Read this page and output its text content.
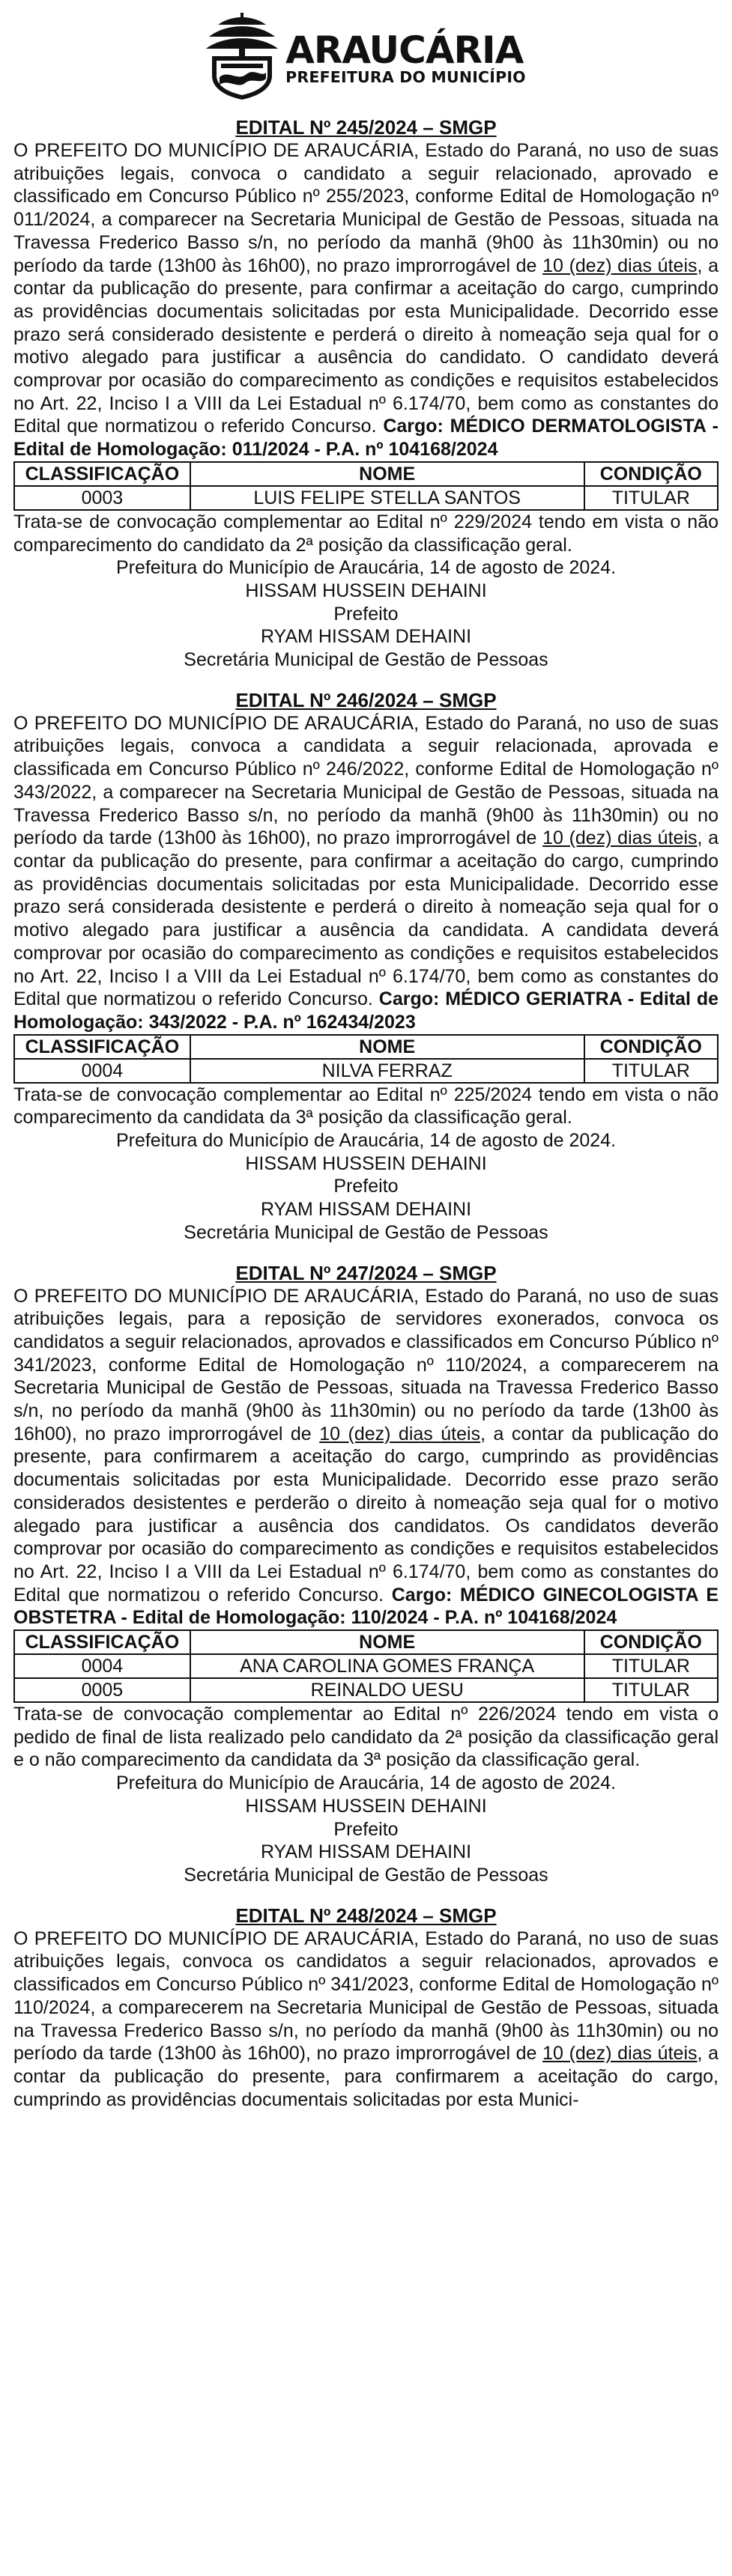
ARAUCÁRIA
PREFEITURA DO MUNICÍPIO

EDITAL Nº 245/2024 – SMGP

O PREFEITO DO MUNICÍPIO DE ARAUCÁRIA, Estado do Paraná, no uso de suas atribuições legais, convoca o candidato a seguir relacionado, aprovado e classificado em Concurso Público nº 255/2023, conforme Edital de Homologação nº 011/2024, a comparecer na Secretaria Municipal de Gestão de Pessoas, situada na Travessa Frederico Basso s/n, no período da manhã (9h00 às 11h30min) ou no período da tarde (13h00 às 16h00), no prazo improrrogável de 10 (dez) dias úteis, a contar da publicação do presente, para confirmar a aceitação do cargo, cumprindo as providências documentais solicitadas por esta Municipalidade. Decorrido esse prazo será considerado desistente e perderá o direito à nomeação seja qual for o motivo alegado para justificar a ausência do candidato. O candidato deverá comprovar por ocasião do comparecimento as condições e requisitos estabelecidos no Art. 22, Inciso I a VIII da Lei Estadual nº 6.174/70, bem como as constantes do Edital que normatizou o referido Concurso. Cargo: MÉDICO DERMATOLOGISTA - Edital de Homologação: 011/2024 - P.A. nº 104168/2024

CLASSIFICAÇÃO	NOME	CONDIÇÃO
0003	LUIS FELIPE STELLA SANTOS	TITULAR

Trata-se de convocação complementar ao Edital nº 229/2024 tendo em vista o não comparecimento do candidato da 2ª posição da classificação geral.

Prefeitura do Município de Araucária, 14 de agosto de 2024.
HISSAM HUSSEIN DEHAINI
Prefeito
RYAM HISSAM DEHAINI
Secretária Municipal de Gestão de Pessoas

EDITAL Nº 246/2024 – SMGP

O PREFEITO DO MUNICÍPIO DE ARAUCÁRIA, Estado do Paraná, no uso de suas atribuições legais, convoca a candidata a seguir relacionada, aprovada e classificada em Concurso Público nº 246/2022, conforme Edital de Homologação nº 343/2022, a comparecer na Secretaria Municipal de Gestão de Pessoas, situada na Travessa Frederico Basso s/n, no período da manhã (9h00 às 11h30min) ou no período da tarde (13h00 às 16h00), no prazo improrrogável de 10 (dez) dias úteis, a contar da publicação do presente, para confirmar a aceitação do cargo, cumprindo as providências documentais solicitadas por esta Municipalidade. Decorrido esse prazo será considerada desistente e perderá o direito à nomeação seja qual for o motivo alegado para justificar a ausência da candidata. A candidata deverá comprovar por ocasião do comparecimento as condições e requisitos estabelecidos no Art. 22, Inciso I a VIII da Lei Estadual nº 6.174/70, bem como as constantes do Edital que normatizou o referido Concurso. Cargo: MÉDICO GERIATRA - Edital de Homologação: 343/2022 - P.A. nº 162434/2023

CLASSIFICAÇÃO	NOME	CONDIÇÃO
0004	NILVA FERRAZ	TITULAR

Trata-se de convocação complementar ao Edital nº 225/2024 tendo em vista o não comparecimento da candidata da 3ª posição da classificação geral.

Prefeitura do Município de Araucária, 14 de agosto de 2024.
HISSAM HUSSEIN DEHAINI
Prefeito
RYAM HISSAM DEHAINI
Secretária Municipal de Gestão de Pessoas

EDITAL Nº 247/2024 – SMGP

O PREFEITO DO MUNICÍPIO DE ARAUCÁRIA, Estado do Paraná, no uso de suas atribuições legais, para a reposição de servidores exonerados, convoca os candidatos a seguir relacionados, aprovados e classificados em Concurso Público nº 341/2023, conforme Edital de Homologação nº 110/2024, a comparecerem na Secretaria Municipal de Gestão de Pessoas, situada na Travessa Frederico Basso s/n, no período da manhã (9h00 às 11h30min) ou no período da tarde (13h00 às 16h00), no prazo improrrogável de 10 (dez) dias úteis, a contar da publicação do presente, para confirmarem a aceitação do cargo, cumprindo as providências documentais solicitadas por esta Municipalidade. Decorrido esse prazo serão considerados desistentes e perderão o direito à nomeação seja qual for o motivo alegado para justificar a ausência dos candidatos. Os candidatos deverão comprovar por ocasião do comparecimento as condições e requisitos estabelecidos no Art. 22, Inciso I a VIII da Lei Estadual nº 6.174/70, bem como as constantes do Edital que normatizou o referido Concurso. Cargo: MÉDICO GINECOLOGISTA E OBSTETRA - Edital de Homologação: 110/2024 - P.A. nº 104168/2024

CLASSIFICAÇÃO	NOME	CONDIÇÃO
0004	ANA CAROLINA GOMES FRANÇA	TITULAR
0005	REINALDO UESU	TITULAR

Trata-se de convocação complementar ao Edital nº 226/2024 tendo em vista o pedido de final de lista realizado pelo candidato da 2ª posição da classificação geral e o não comparecimento da candidata da 3ª posição da classificação geral.

Prefeitura do Município de Araucária, 14 de agosto de 2024.
HISSAM HUSSEIN DEHAINI
Prefeito
RYAM HISSAM DEHAINI
Secretária Municipal de Gestão de Pessoas

EDITAL Nº 248/2024 – SMGP

O PREFEITO DO MUNICÍPIO DE ARAUCÁRIA, Estado do Paraná, no uso de suas atribuições legais, convoca os candidatos a seguir relacionados, aprovados e classificados em Concurso Público nº 341/2023, conforme Edital de Homologação nº 110/2024, a comparecerem na Secretaria Municipal de Gestão de Pessoas, situada na Travessa Frederico Basso s/n, no período da manhã (9h00 às 11h30min) ou no período da tarde (13h00 às 16h00), no prazo improrrogável de 10 (dez) dias úteis, a contar da publicação do presente, para confirmarem a aceitação do cargo, cumprindo as providências documentais solicitadas por esta Munici-
